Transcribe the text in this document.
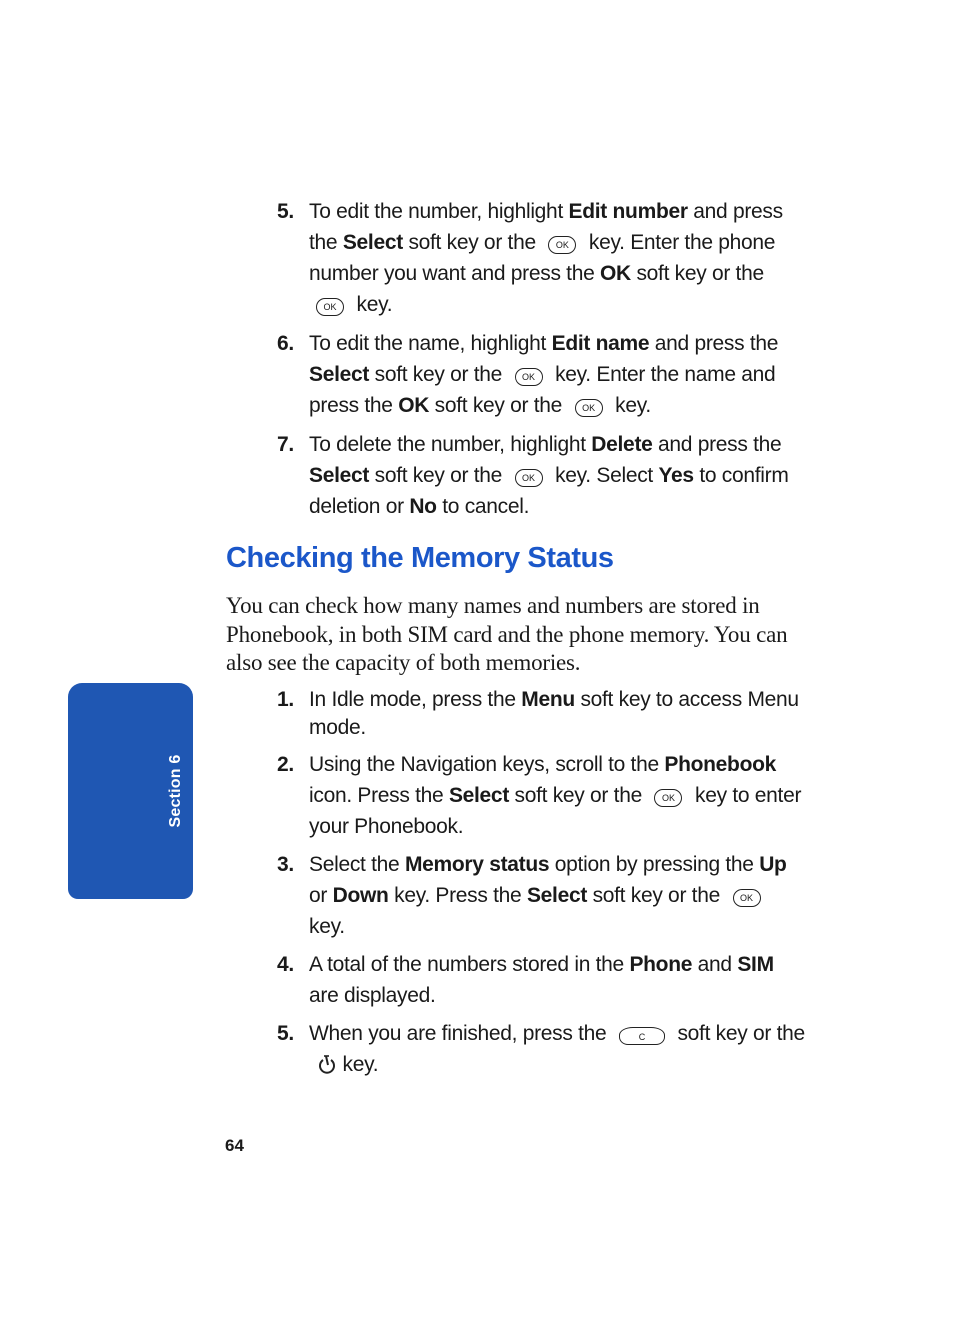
Section 6
5. To edit the number, highlight Edit number and press the Select soft key or the OK key. Enter the phone number you want and press the OK soft key or the OK key.
6. To edit the name, highlight Edit name and press the Select soft key or the OK key. Enter the name and press the OK soft key or the OK key.
7. To delete the number, highlight Delete and press the Select soft key or the OK key. Select Yes to confirm deletion or No to cancel.
Checking the Memory Status

You can check how many names and numbers are stored in Phonebook, in both SIM card and the phone memory. You can also see the capacity of both memories.

1. In Idle mode, press the Menu soft key to access Menu mode.
2. Using the Navigation keys, scroll to the Phonebook icon. Press the Select soft key or the OK key to enter your Phonebook.
3. Select the Memory status option by pressing the Up or Down key. Press the Select soft key or the OK key.
4. A total of the numbers stored in the Phone and SIM are displayed.
5. When you are finished, press the	C soft key or the  key.
64
